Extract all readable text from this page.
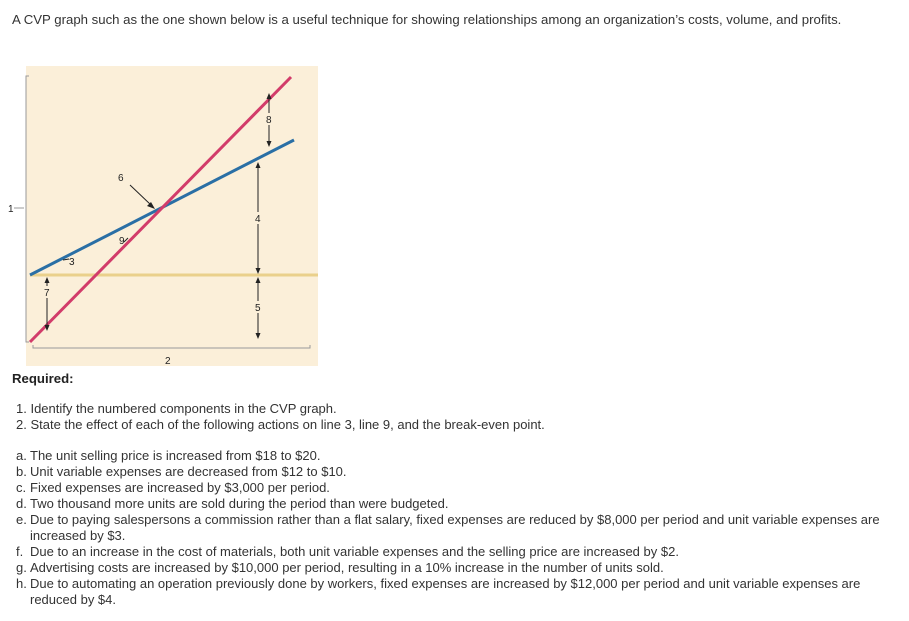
A CVP graph such as the one shown below is a useful technique for showing relationships among an organization’s costs, volume, and profits.
1
2
3
4
5
6
7
8
9
Required:
1. Identify the numbered components in the CVP graph.
2. State the effect of each of the following actions on line 3, line 9, and the break-even point.
a. The unit selling price is increased from $18 to $20.
b. Unit variable expenses are decreased from $12 to $10.
c. Fixed expenses are increased by $3,000 per period.
d. Two thousand more units are sold during the period than were budgeted.
e. Due to paying salespersons a commission rather than a flat salary, fixed expenses are reduced by $8,000 per period and unit variable expenses are increased by $3.
f. Due to an increase in the cost of materials, both unit variable expenses and the selling price are increased by $2.
g. Advertising costs are increased by $10,000 per period, resulting in a 10% increase in the number of units sold.
h. Due to automating an operation previously done by workers, fixed expenses are increased by $12,000 per period and unit variable expenses are reduced by $4.
